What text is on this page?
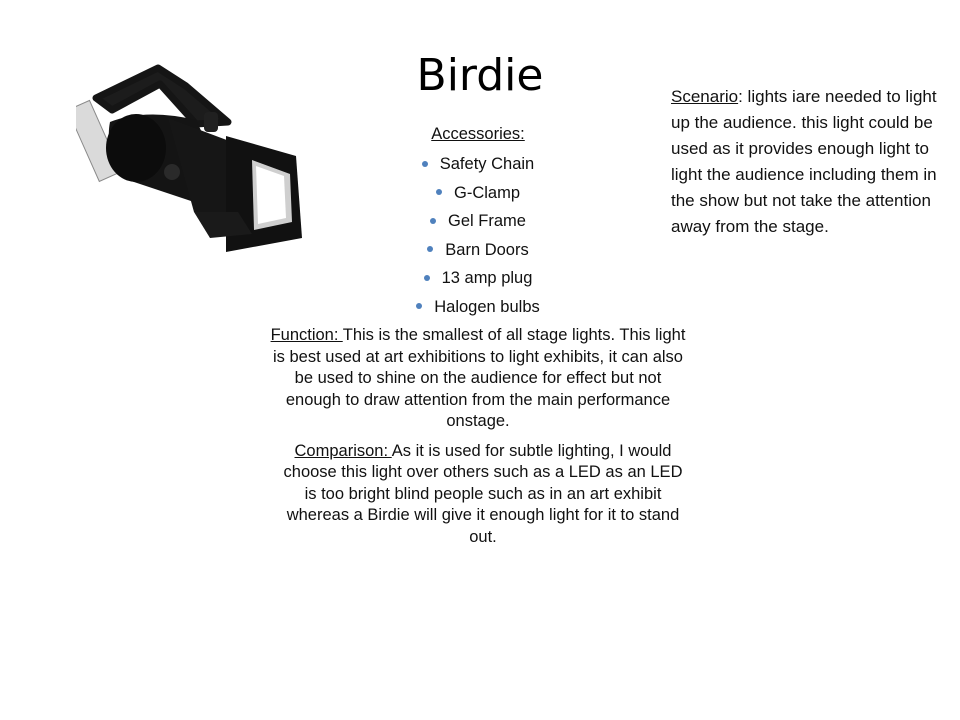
Birdie
Accessories:
Safety Chain
G-Clamp
Gel Frame
Barn Doors
13 amp plug
Halogen bulbs

Function: This is the smallest of all stage lights. This light is best used at art exhibitions to light exhibits, it can also be used to shine on the audience for effect but not enough to draw attention from the main performance onstage.

Comparison: As it is used for subtle lighting, I would choose this light over others such as a LED as an LED is too bright blind people such as in an art exhibit whereas a Birdie will give it enough light for it to stand out.

Scenario: lights iare needed to light up the audience. this light could be used as it provides enough light to light the audience including them in the show but not take the attention away from the stage.
